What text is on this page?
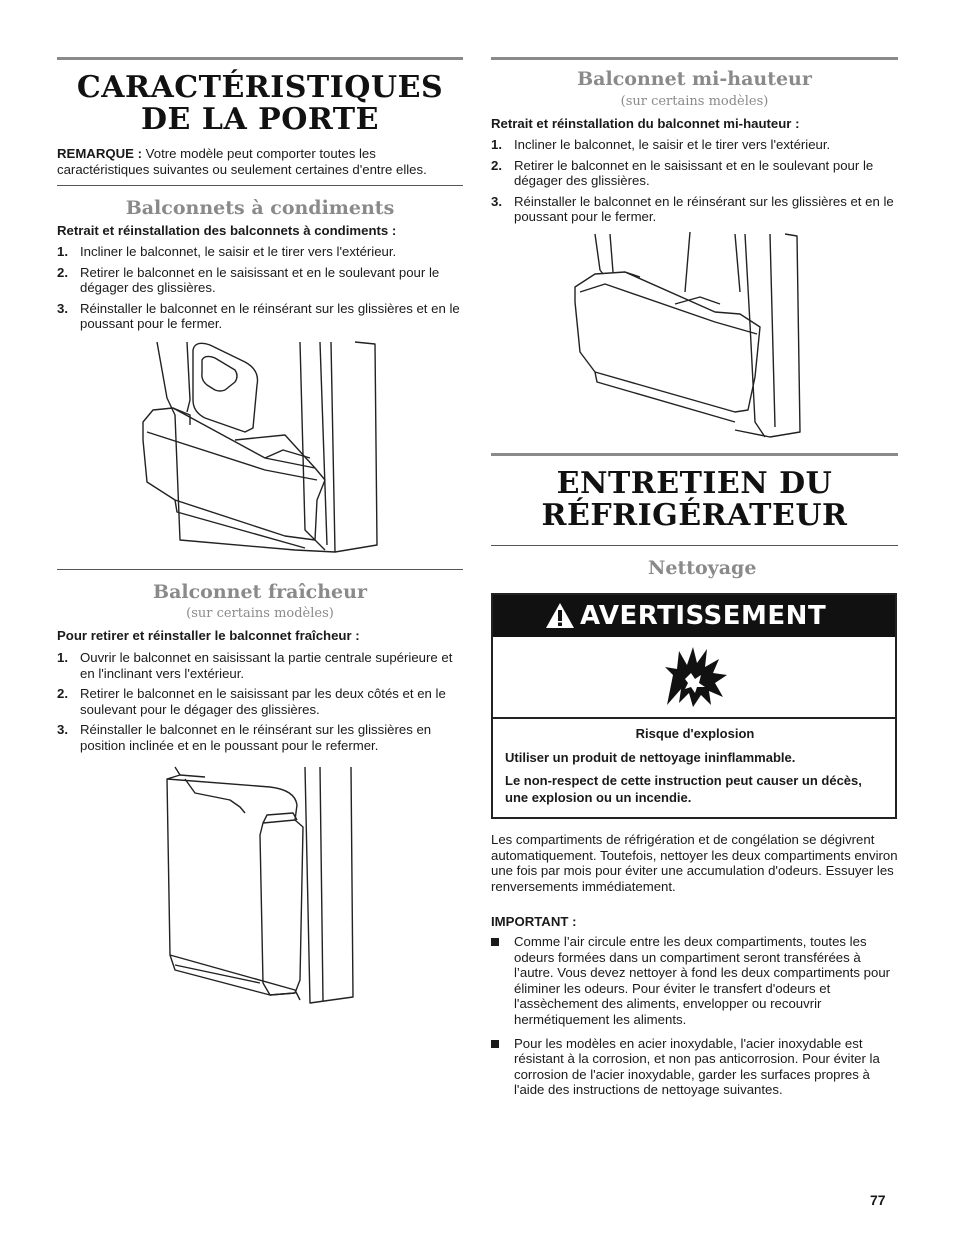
CARACTÉRISTIQUES
DE LA PORTE
REMARQUE : Votre modèle peut comporter toutes les caractéristiques suivantes ou seulement certaines d'entre elles.
Balconnets à condiments
Retrait et réinstallation des balconnets à condiments :
1. Incliner le balconnet, le saisir et le tirer vers l'extérieur.
2. Retirer le balconnet en le saisissant et en le soulevant pour le dégager des glissières.
3. Réinstaller le balconnet en le réinsérant sur les glissières et en le poussant pour le fermer.
Balconnet fraîcheur
(sur certains modèles)
Pour retirer et réinstaller le balconnet fraîcheur :
1. Ouvrir le balconnet en saisissant la partie centrale supérieure et en l'inclinant vers l'extérieur.
2. Retirer le balconnet en le saisissant par les deux côtés et en le soulevant pour le dégager des glissières.
3. Réinstaller le balconnet en le réinsérant sur les glissières en position inclinée et en le poussant pour le refermer.
Balconnet mi-hauteur
(sur certains modèles)
Retrait et réinstallation du balconnet mi-hauteur :
1. Incliner le balconnet, le saisir et le tirer vers l'extérieur.
2. Retirer le balconnet en le saisissant et en le soulevant pour le dégager des glissières.
3. Réinstaller le balconnet en le réinsérant sur les glissières et en le poussant pour le fermer.
ENTRETIEN DU
RÉFRIGÉRATEUR
Nettoyage
AVERTISSEMENT
Risque d'explosion
Utiliser un produit de nettoyage ininflammable.
Le non-respect de cette instruction peut causer un décès, une explosion ou un incendie.
Les compartiments de réfrigération et de congélation se dégivrent automatiquement. Toutefois, nettoyer les deux compartiments environ une fois par mois pour éviter une accumulation d'odeurs. Essuyer les renversements immédiatement.
IMPORTANT :
Comme l’air circule entre les deux compartiments, toutes les odeurs formées dans un compartiment seront transférées à l’autre. Vous devez nettoyer à fond les deux compartiments pour éliminer les odeurs. Pour éviter le transfert d'odeurs et l'assèchement des aliments, envelopper ou recouvrir hermétiquement les aliments.
Pour les modèles en acier inoxydable, l'acier inoxydable est résistant à la corrosion, et non pas anticorrosion. Pour éviter la corrosion de l'acier inoxydable, garder les surfaces propres à l'aide des instructions de nettoyage suivantes.
77
